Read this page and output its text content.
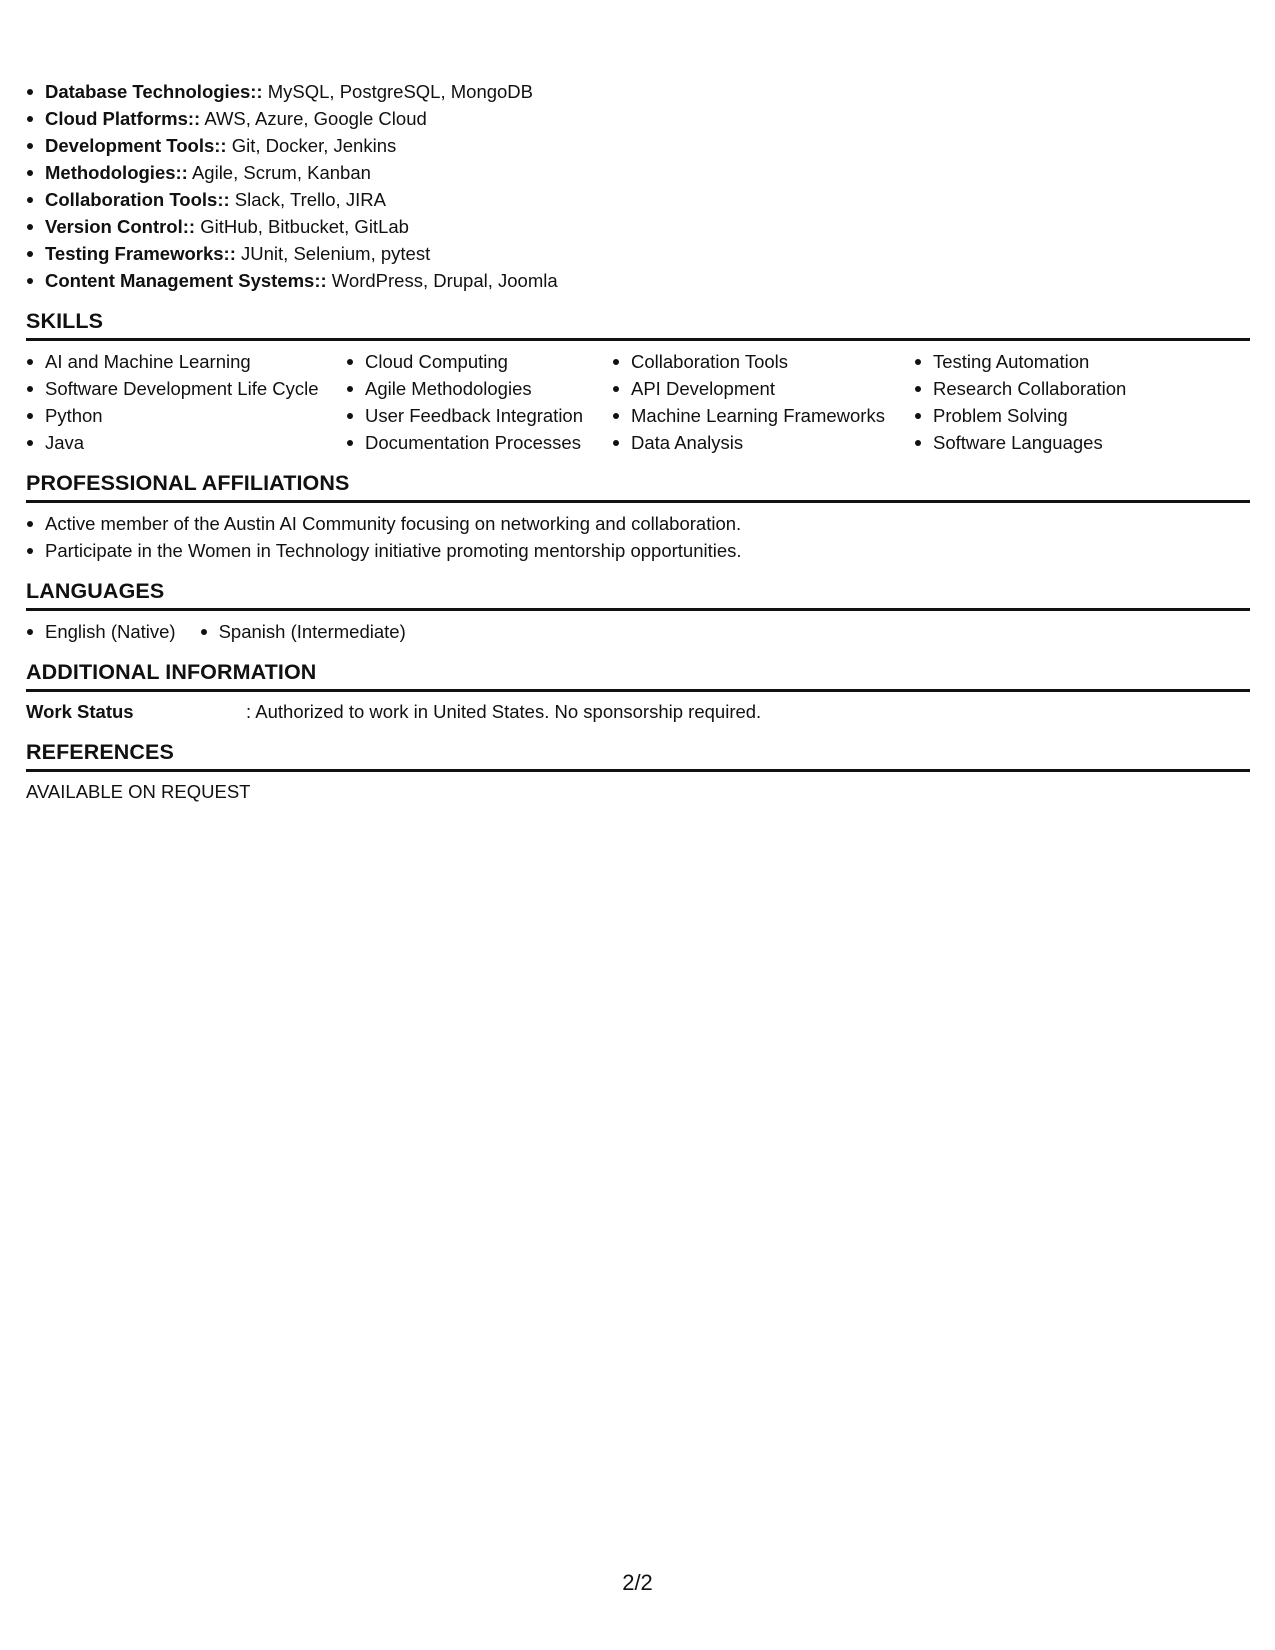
Database Technologies:: MySQL, PostgreSQL, MongoDB
Cloud Platforms:: AWS, Azure, Google Cloud
Development Tools:: Git, Docker, Jenkins
Methodologies:: Agile, Scrum, Kanban
Collaboration Tools:: Slack, Trello, JIRA
Version Control:: GitHub, Bitbucket, GitLab
Testing Frameworks:: JUnit, Selenium, pytest
Content Management Systems:: WordPress, Drupal, Joomla
SKILLS
AI and Machine Learning
Software Development Life Cycle
Python
Java
Cloud Computing
Agile Methodologies
User Feedback Integration
Documentation Processes
Collaboration Tools
API Development
Machine Learning Frameworks
Data Analysis
Testing Automation
Research Collaboration
Problem Solving
Software Languages
PROFESSIONAL AFFILIATIONS
Active member of the Austin AI Community focusing on networking and collaboration.
Participate in the Women in Technology initiative promoting mentorship opportunities.
LANGUAGES
English (Native)	Spanish (Intermediate)
ADDITIONAL INFORMATION
Work Status	: Authorized to work in United States. No sponsorship required.
REFERENCES
AVAILABLE ON REQUEST
2/2
